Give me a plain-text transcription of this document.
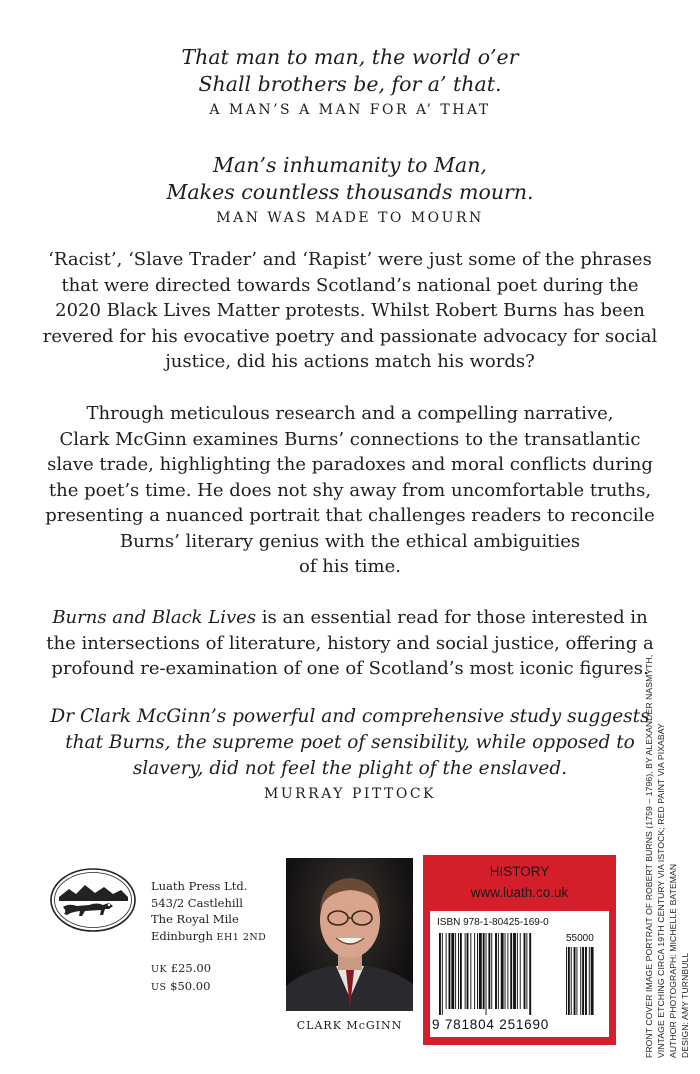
That man to man, the world o’er
Shall brothers be, for a’ that.
A MAN’S A MAN FOR A’ THAT
Man’s inhumanity to Man,
Makes countless thousands mourn.
MAN WAS MADE TO MOURN

‘Racist’, ‘Slave Trader’ and ‘Rapist’ were just some of the phrases

that were directed towards Scotland’s national poet during the

2020 Black Lives Matter protests. Whilst Robert Burns has been

revered for his evocative poetry and passionate advocacy for social

justice, did his actions match his words?

Through meticulous research and a compelling narrative,

Clark McGinn examines Burns’ connections to the transatlantic

slave trade, highlighting the paradoxes and moral conflicts during

the poet’s time. He does not shy away from uncomfortable truths,

presenting a nuanced portrait that challenges readers to reconcile

Burns’ literary genius with the ethical ambiguities

of his time.

Burns and Black Lives is an essential read for those interested in

the intersections of literature, history and social justice, offering a

profound re-examination of one of Scotland’s most iconic figures.

Dr Clark McGinn’s powerful and comprehensive study suggests

that Burns, the supreme poet of sensibility, while opposed to

slavery, did not feel the plight of the enslaved.

MURRAY PITTOCK	FRONT COVER IMAGE PORTRAIT OF ROBERT BURNS (1759 – 1796), BY ALEXANDER NASMYTH, VINTAGE ETCHING CIRCA 19TH CENTURY VIA ISTOCK; RED PAINT VIA PIXABAY AUTHOR PHOTOGRAPH: MICHELLE BATEMAN DESIGN: AMY TURNBULL
Luath Press Ltd.
543/2 Castlehill
The Royal Mile
Edinburgh EH1 2ND
UK £25.00
US $50.00
CLARK McGINN
HISTORY
www.luath.co.uk
ISBN 978-1-80425-169-0
55000
9 781804 251690
